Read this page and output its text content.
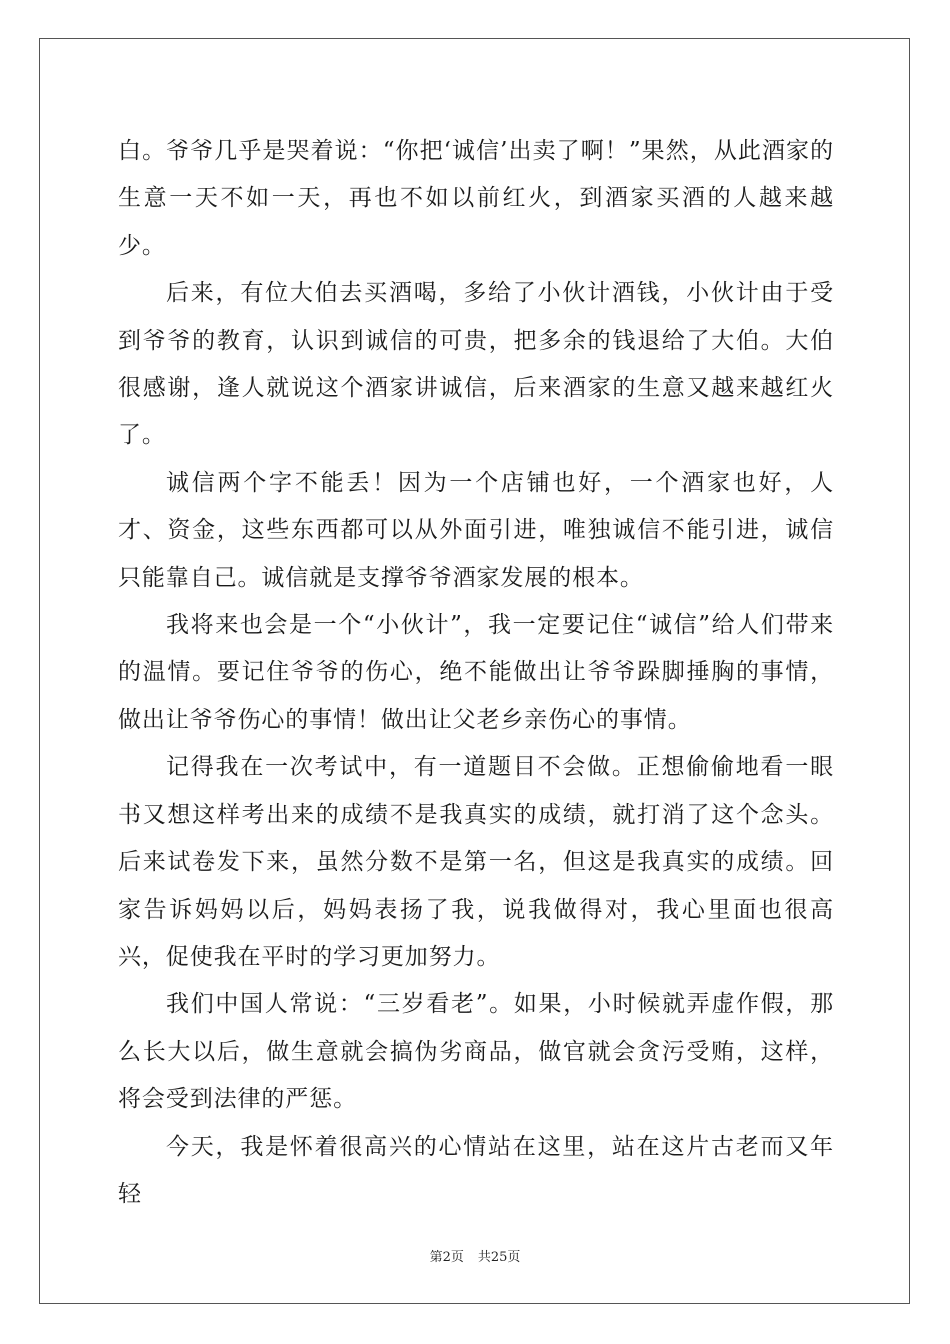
白。爷爷几乎是哭着说：“你把‘诚信’出卖了啊！”果然，从此酒家的生意一天不如一天，再也不如以前红火，到酒家买酒的人越来越少。

后来，有位大伯去买酒喝，多给了小伙计酒钱，小伙计由于受到爷爷的教育，认识到诚信的可贵，把多余的钱退给了大伯。大伯很感谢，逢人就说这个酒家讲诚信，后来酒家的生意又越来越红火了。

诚信两个字不能丢！因为一个店铺也好，一个酒家也好，人才、资金，这些东西都可以从外面引进，唯独诚信不能引进，诚信只能靠自己。诚信就是支撑爷爷酒家发展的根本。

我将来也会是一个“小伙计”，我一定要记住“诚信”给人们带来的温情。要记住爷爷的伤心，绝不能做出让爷爷跺脚捶胸的事情，做出让爷爷伤心的事情！做出让父老乡亲伤心的事情。

记得我在一次考试中，有一道题目不会做。正想偷偷地看一眼书又想这样考出来的成绩不是我真实的成绩，就打消了这个念头。后来试卷发下来，虽然分数不是第一名，但这是我真实的成绩。回家告诉妈妈以后，妈妈表扬了我，说我做得对，我心里面也很高兴，促使我在平时的学习更加努力。

我们中国人常说：“三岁看老”。如果，小时候就弄虚作假，那么长大以后，做生意就会搞伪劣商品，做官就会贪污受贿，这样，将会受到法律的严惩。

今天，我是怀着很高兴的心情站在这里，站在这片古老而又年轻

第2页 共25页
